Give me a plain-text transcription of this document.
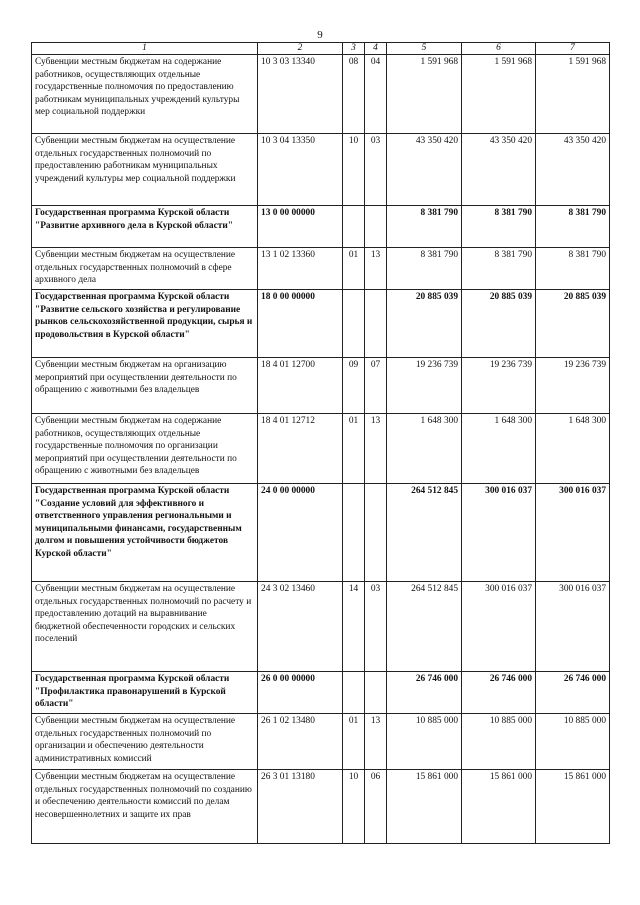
9
1	2	3	4	5	6	7
Субвенции местным бюджетам на содержание работников, осуществляющих отдельные государственные полномочия по предоставлению работникам муниципальных учреждений культуры мер социальной поддержки	10 3 03 13340	08	04	1 591 968	1 591 968	1 591 968
Субвенции местным бюджетам на осуществление отдельных государственных полномочий по предоставлению работникам муниципальных учреждений культуры мер социальной поддержки	10 3 04 13350	10	03	43 350 420	43 350 420	43 350 420
Государственная программа Курской области "Развитие архивного дела в Курской области"	13 0 00 00000			8 381 790	8 381 790	8 381 790
Субвенции местным бюджетам на осуществление отдельных государственных полномочий в сфере архивного дела	13 1 02 13360	01	13	8 381 790	8 381 790	8 381 790
Государственная программа Курской области "Развитие сельского хозяйства и регулирование рынков сельскохозяйственной продукции, сырья и продовольствия в Курской области"	18 0 00 00000			20 885 039	20 885 039	20 885 039
Субвенции местным бюджетам на организацию мероприятий при осуществлении деятельности по обращению с животными без владельцев	18 4 01 12700	09	07	19 236 739	19 236 739	19 236 739
Субвенции местным бюджетам на содержание работников, осуществляющих отдельные государственные полномочия по организации мероприятий при осуществлении деятельности по обращению с животными без владельцев	18 4 01 12712	01	13	1 648 300	1 648 300	1 648 300
Государственная программа Курской области "Создание условий для эффективного и ответственного управления региональными и муниципальными финансами, государственным долгом и повышения устойчивости бюджетов Курской области"	24 0 00 00000			264 512 845	300 016 037	300 016 037
Субвенции местным бюджетам на осуществление отдельных государственных полномочий по расчету и предоставлению дотаций на выравнивание бюджетной обеспеченности городских и сельских поселений	24 3 02 13460	14	03	264 512 845	300 016 037	300 016 037
Государственная программа Курской области "Профилактика правонарушений в Курской области"	26 0 00 00000			26 746 000	26 746 000	26 746 000
Субвенции местным бюджетам на осуществление отдельных государственных полномочий по организации и обеспечению деятельности административных комиссий	26 1 02 13480	01	13	10 885 000	10 885 000	10 885 000
Субвенции местным бюджетам на осуществление отдельных государственных полномочий по созданию и обеспечению деятельности комиссий по делам несовершеннолетних и защите их прав	26 3 01 13180	10	06	15 861 000	15 861 000	15 861 000
